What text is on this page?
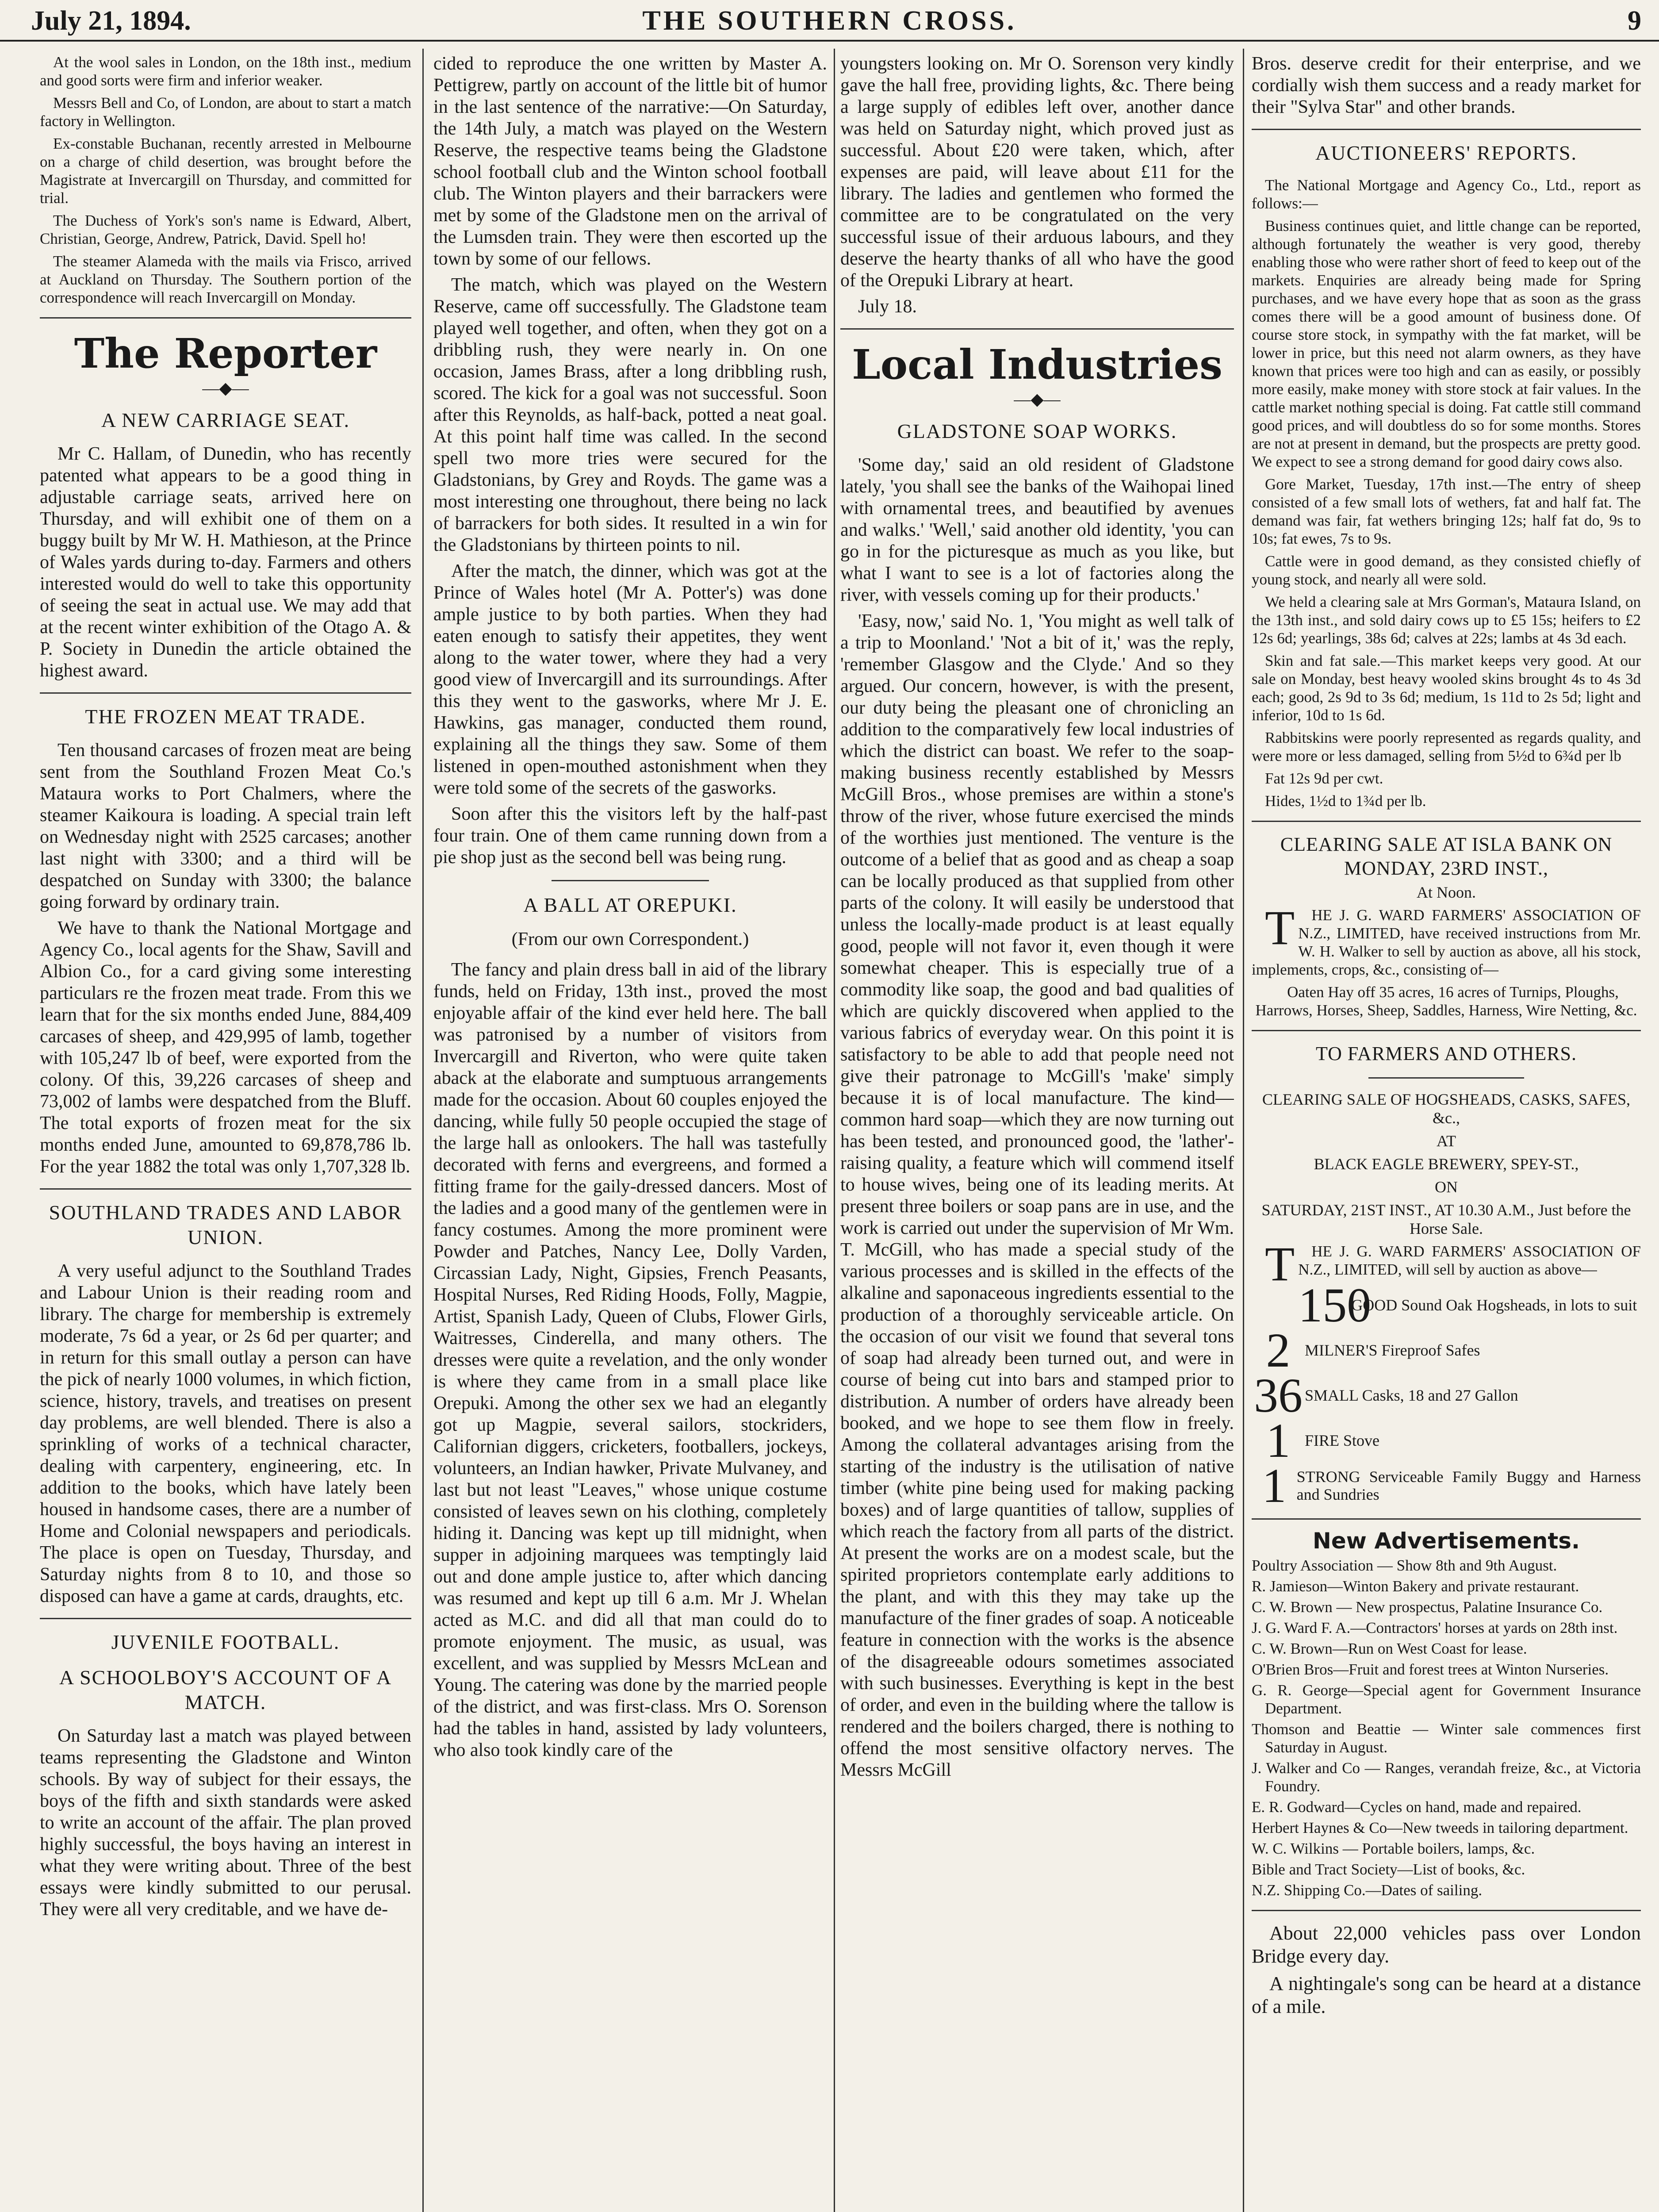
July 21, 1894.	THE SOUTHERN CROSS.	9

At the wool sales in London, on the 18th inst., medium and good sorts were firm and inferior weaker.

Messrs Bell and Co, of London, are about to start a match factory in Wellington.

Ex-constable Buchanan, recently arrested in Melbourne on a charge of child desertion, was brought before the Magistrate at Invercargill on Thursday, and committed for trial.

The Duchess of York's son's name is Edward, Albert, Christian, George, Andrew, Patrick, David. Spell ho!

The steamer Alameda with the mails via Frisco, arrived at Auckland on Thursday. The Southern portion of the correspondence will reach Invercargill on Monday.

The Reporter
—◆—
A NEW CARRIAGE SEAT.

Mr C. Hallam, of Dunedin, who has recently patented what appears to be a good thing in adjustable carriage seats, arrived here on Thursday, and will exhibit one of them on a buggy built by Mr W. H. Mathieson, at the Prince of Wales yards during to-day. Farmers and others interested would do well to take this opportunity of seeing the seat in actual use. We may add that at the recent winter exhibition of the Otago A. & P. Society in Dunedin the article obtained the highest award.

THE FROZEN MEAT TRADE.

Ten thousand carcases of frozen meat are being sent from the Southland Frozen Meat Co.'s Mataura works to Port Chalmers, where the steamer Kaikoura is loading. A special train left on Wednesday night with 2525 carcases; another last night with 3300; and a third will be despatched on Sunday with 3300; the balance going forward by ordinary train.

We have to thank the National Mortgage and Agency Co., local agents for the Shaw, Savill and Albion Co., for a card giving some interesting particulars re the frozen meat trade. From this we learn that for the six months ended June, 884,409 carcases of sheep, and 429,995 of lamb, together with 105,247 lb of beef, were exported from the colony. Of this, 39,226 carcases of sheep and 73,002 of lambs were despatched from the Bluff. The total exports of frozen meat for the six months ended June, amounted to 69,878,786 lb. For the year 1882 the total was only 1,707,328 lb.

SOUTHLAND TRADES AND LABOR UNION.

A very useful adjunct to the Southland Trades and Labour Union is their reading room and library. The charge for membership is extremely moderate, 7s 6d a year, or 2s 6d per quarter; and in return for this small outlay a person can have the pick of nearly 1000 volumes, in which fiction, science, history, travels, and treatises on present day problems, are well blended. There is also a sprinkling of works of a technical character, dealing with carpentery, engineering, etc. In addition to the books, which have lately been housed in handsome cases, there are a number of Home and Colonial newspapers and periodicals. The place is open on Tuesday, Thursday, and Saturday nights from 8 to 10, and those so disposed can have a game at cards, draughts, etc.

JUVENILE FOOTBALL.
A SCHOOLBOY'S ACCOUNT OF A MATCH.

On Saturday last a match was played between teams representing the Gladstone and Winton schools. By way of subject for their essays, the boys of the fifth and sixth standards were asked to write an account of the affair. The plan proved highly successful, the boys having an interest in what they were writing about. Three of the best essays were kindly submitted to our perusal. They were all very creditable, and we have de-

cided to reproduce the one written by Master A. Pettigrew, partly on account of the little bit of humor in the last sentence of the narrative:—On Saturday, the 14th July, a match was played on the Western Reserve, the respective teams being the Gladstone school football club and the Winton school football club. The Winton players and their barrackers were met by some of the Gladstone men on the arrival of the Lumsden train. They were then escorted up the town by some of our fellows.

The match, which was played on the Western Reserve, came off successfully. The Gladstone team played well together, and often, when they got on a dribbling rush, they were nearly in. On one occasion, James Brass, after a long dribbling rush, scored. The kick for a goal was not successful. Soon after this Reynolds, as half-back, potted a neat goal. At this point half time was called. In the second spell two more tries were secured for the Gladstonians, by Grey and Royds. The game was a most interesting one throughout, there being no lack of barrackers for both sides. It resulted in a win for the Gladstonians by thirteen points to nil.

After the match, the dinner, which was got at the Prince of Wales hotel (Mr A. Potter's) was done ample justice to by both parties. When they had eaten enough to satisfy their appetites, they went along to the water tower, where they had a very good view of Invercargill and its surroundings. After this they went to the gasworks, where Mr J. E. Hawkins, gas manager, conducted them round, explaining all the things they saw. Some of them listened in open-mouthed astonishment when they were told some of the secrets of the gasworks.

Soon after this the visitors left by the half-past four train. One of them came running down from a pie shop just as the second bell was being rung.

A BALL AT OREPUKI.
(From our own Correspondent.)

The fancy and plain dress ball in aid of the library funds, held on Friday, 13th inst., proved the most enjoyable affair of the kind ever held here. The ball was patronised by a number of visitors from Invercargill and Riverton, who were quite taken aback at the elaborate and sumptuous arrangements made for the occasion. About 60 couples enjoyed the dancing, while fully 50 people occupied the stage of the large hall as onlookers. The hall was tastefully decorated with ferns and evergreens, and formed a fitting frame for the gaily-dressed dancers. Most of the ladies and a good many of the gentlemen were in fancy costumes. Among the more prominent were Powder and Patches, Nancy Lee, Dolly Varden, Circassian Lady, Night, Gipsies, French Peasants, Hospital Nurses, Red Riding Hoods, Folly, Magpie, Artist, Spanish Lady, Queen of Clubs, Flower Girls, Waitresses, Cinderella, and many others. The dresses were quite a revelation, and the only wonder is where they came from in a small place like Orepuki. Among the other sex we had an elegantly got up Magpie, several sailors, stockriders, Californian diggers, cricketers, footballers, jockeys, volunteers, an Indian hawker, Private Mulvaney, and last but not least "Leaves," whose unique costume consisted of leaves sewn on his clothing, completely hiding it. Dancing was kept up till midnight, when supper in adjoining marquees was temptingly laid out and done ample justice to, after which dancing was resumed and kept up till 6 a.m. Mr J. Whelan acted as M.C. and did all that man could do to promote enjoyment. The music, as usual, was excellent, and was supplied by Messrs McLean and Young. The catering was done by the married people of the district, and was first-class. Mrs O. Sorenson had the tables in hand, assisted by lady volunteers, who also took kindly care of the

youngsters looking on. Mr O. Sorenson very kindly gave the hall free, providing lights, &c. There being a large supply of edibles left over, another dance was held on Saturday night, which proved just as successful. About £20 were taken, which, after expenses are paid, will leave about £11 for the library. The ladies and gentlemen who formed the committee are to be congratulated on the very successful issue of their arduous labours, and they deserve the hearty thanks of all who have the good of the Orepuki Library at heart.

July 18.

Local Industries
—◆—
GLADSTONE SOAP WORKS.

'Some day,' said an old resident of Gladstone lately, 'you shall see the banks of the Waihopai lined with ornamental trees, and beautified by avenues and walks.' 'Well,' said another old identity, 'you can go in for the picturesque as much as you like, but what I want to see is a lot of factories along the river, with vessels coming up for their products.'

'Easy, now,' said No. 1, 'You might as well talk of a trip to Moonland.' 'Not a bit of it,' was the reply, 'remember Glasgow and the Clyde.' And so they argued. Our concern, however, is with the present, our duty being the pleasant one of chronicling an addition to the comparatively few local industries of which the district can boast. We refer to the soap-making business recently established by Messrs McGill Bros., whose premises are within a stone's throw of the river, whose future exercised the minds of the worthies just mentioned. The venture is the outcome of a belief that as good and as cheap a soap can be locally produced as that supplied from other parts of the colony. It will easily be understood that unless the locally-made product is at least equally good, people will not favor it, even though it were somewhat cheaper. This is especially true of a commodity like soap, the good and bad qualities of which are quickly discovered when applied to the various fabrics of everyday wear. On this point it is satisfactory to be able to add that people need not give their patronage to McGill's 'make' simply because it is of local manufacture. The kind—common hard soap—which they are now turning out has been tested, and pronounced good, the 'lather'-raising quality, a feature which will commend itself to house wives, being one of its leading merits. At present three boilers or soap pans are in use, and the work is carried out under the supervision of Mr Wm. T. McGill, who has made a special study of the various processes and is skilled in the effects of the alkaline and saponaceous ingredients essential to the production of a thoroughly serviceable article. On the occasion of our visit we found that several tons of soap had already been turned out, and were in course of being cut into bars and stamped prior to distribution. A number of orders have already been booked, and we hope to see them flow in freely. Among the collateral advantages arising from the starting of the industry is the utilisation of native timber (white pine being used for making packing boxes) and of large quantities of tallow, supplies of which reach the factory from all parts of the district. At present the works are on a modest scale, but the spirited proprietors contemplate early additions to the plant, and with this they may take up the manufacture of the finer grades of soap. A noticeable feature in connection with the works is the absence of the disagreeable odours sometimes associated with such businesses. Everything is kept in the best of order, and even in the building where the tallow is rendered and the boilers charged, there is nothing to offend the most sensitive olfactory nerves. The Messrs McGill

Bros. deserve credit for their enterprise, and we cordially wish them success and a ready market for their "Sylva Star" and other brands.

AUCTIONEERS' REPORTS.

The National Mortgage and Agency Co., Ltd., report as follows:—

Business continues quiet, and little change can be reported, although fortunately the weather is very good, thereby enabling those who were rather short of feed to keep out of the markets. Enquiries are already being made for Spring purchases, and we have every hope that as soon as the grass comes there will be a good amount of business done. Of course store stock, in sympathy with the fat market, will be lower in price, but this need not alarm owners, as they have known that prices were too high and can as easily, or possibly more easily, make money with store stock at fair values. In the cattle market nothing special is doing. Fat cattle still command good prices, and will doubtless do so for some months. Stores are not at present in demand, but the prospects are pretty good. We expect to see a strong demand for good dairy cows also.

Gore Market, Tuesday, 17th inst.—The entry of sheep consisted of a few small lots of wethers, fat and half fat. The demand was fair, fat wethers bringing 12s; half fat do, 9s to 10s; fat ewes, 7s to 9s.

Cattle were in good demand, as they consisted chiefly of young stock, and nearly all were sold.

We held a clearing sale at Mrs Gorman's, Mataura Island, on the 13th inst., and sold dairy cows up to £5 15s; heifers to £2 12s 6d; yearlings, 38s 6d; calves at 22s; lambs at 4s 3d each.

Skin and fat sale.—This market keeps very good. At our sale on Monday, best heavy wooled skins brought 4s to 4s 3d each; good, 2s 9d to 3s 6d; medium, 1s 11d to 2s 5d; light and inferior, 10d to 1s 6d.

Rabbitskins were poorly represented as regards quality, and were more or less damaged, selling from 5½d to 6¾d per lb

Fat 12s 9d per cwt.

Hides, 1½d to 1¾d per lb.

CLEARING SALE AT ISLA BANK ON MONDAY, 23RD INST.,
At Noon.

T HE J. G. WARD FARMERS' ASSOCIATION OF N.Z., LIMITED, have received instructions from Mr. W. H. Walker to sell by auction as above, all his stock, implements, crops, &c., consisting of—

Oaten Hay off 35 acres, 16 acres of Turnips, Ploughs, Harrows, Horses, Sheep, Saddles, Harness, Wire Netting, &c.

TO FARMERS AND OTHERS.
CLEARING SALE OF HOGSHEADS, CASKS, SAFES, &c.,
AT
BLACK EAGLE BREWERY, SPEY-ST.,
ON
SATURDAY, 21ST INST., AT 10.30 A.M., Just before the Horse Sale.

T HE J. G. WARD FARMERS' ASSOCIATION OF N.Z., LIMITED, will sell by auction as above—

150
GOOD Sound Oak Hogsheads, in lots to suit
2 MILNER'S Fireproof Safes
36 SMALL Casks, 18 and 27 Gallon
1 FIRE Stove
1 STRONG Serviceable Family Buggy and Harness and Sundries
New Advertisements.

Poultry Association — Show 8th and 9th August.

R. Jamieson—Winton Bakery and private restaurant.

C. W. Brown — New prospectus, Palatine Insurance Co.

J. G. Ward F. A.—Contractors' horses at yards on 28th inst.

C. W. Brown—Run on West Coast for lease.

O'Brien Bros—Fruit and forest trees at Winton Nurseries.

G. R. George—Special agent for Government Insurance Department.

Thomson and Beattie — Winter sale commences first Saturday in August.

J. Walker and Co — Ranges, verandah freize, &c., at Victoria Foundry.

E. R. Godward—Cycles on hand, made and repaired.

Herbert Haynes & Co—New tweeds in tailoring department.

W. C. Wilkins — Portable boilers, lamps, &c.

Bible and Tract Society—List of books, &c.

N.Z. Shipping Co.—Dates of sailing.

About 22,000 vehicles pass over London Bridge every day.

A nightingale's song can be heard at a distance of a mile.
